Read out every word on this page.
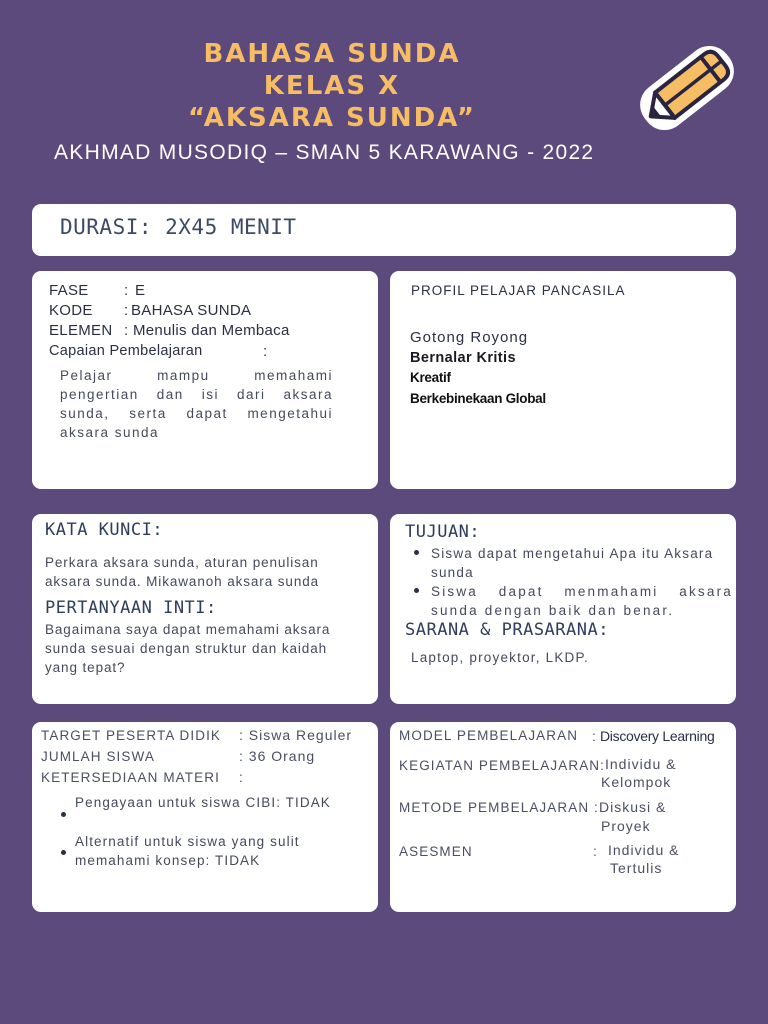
BAHASA SUNDA
KELAS X
“AKSARA SUNDA”
AKHMAD MUSODIQ – SMAN 5 KARAWANG - 2022
DURASI: 2X45 MENIT
FASE : E
KODE : BAHASA SUNDA
ELEMEN : Menulis dan Membaca
Capaian Pembelajaran	:
Pelajar mampu memahami pengertian dan isi dari aksara sunda, serta dapat mengetahui aksara sunda
PROFIL PELAJAR PANCASILA
Gotong Royong
Bernalar Kritis
Kreatif
Berkebinekaan Global
KATA KUNCI:
Perkara aksara sunda, aturan penulisan aksara sunda. Mikawanoh aksara sunda
PERTANYAAN INTI:
Bagaimana saya dapat memahami aksara sunda sesuai dengan struktur dan kaidah yang tepat?
TUJUAN:
Siswa dapat mengetahui Apa itu Aksara sunda
Siswa dapat menmahami aksara sunda dengan baik dan benar.
SARANA & PRASARANA:
Laptop, proyektor, LKDP.
TARGET PESERTA DIDIK : Siswa Reguler
JUMLAH SISWA	: 36 Orang
KETERSEDIAAN MATERI :
Pengayaan untuk siswa CIBI: TIDAK
Alternatif untuk siswa yang sulit memahami konsep: TIDAK
MODEL PEMBELAJARAN : Discovery Learning
KEGIATAN PEMBELAJARAN: Individu &
Kelompok
METODE PEMBELAJARAN : Diskusi &
Proyek
ASESMEN	: Individu &
Tertulis
